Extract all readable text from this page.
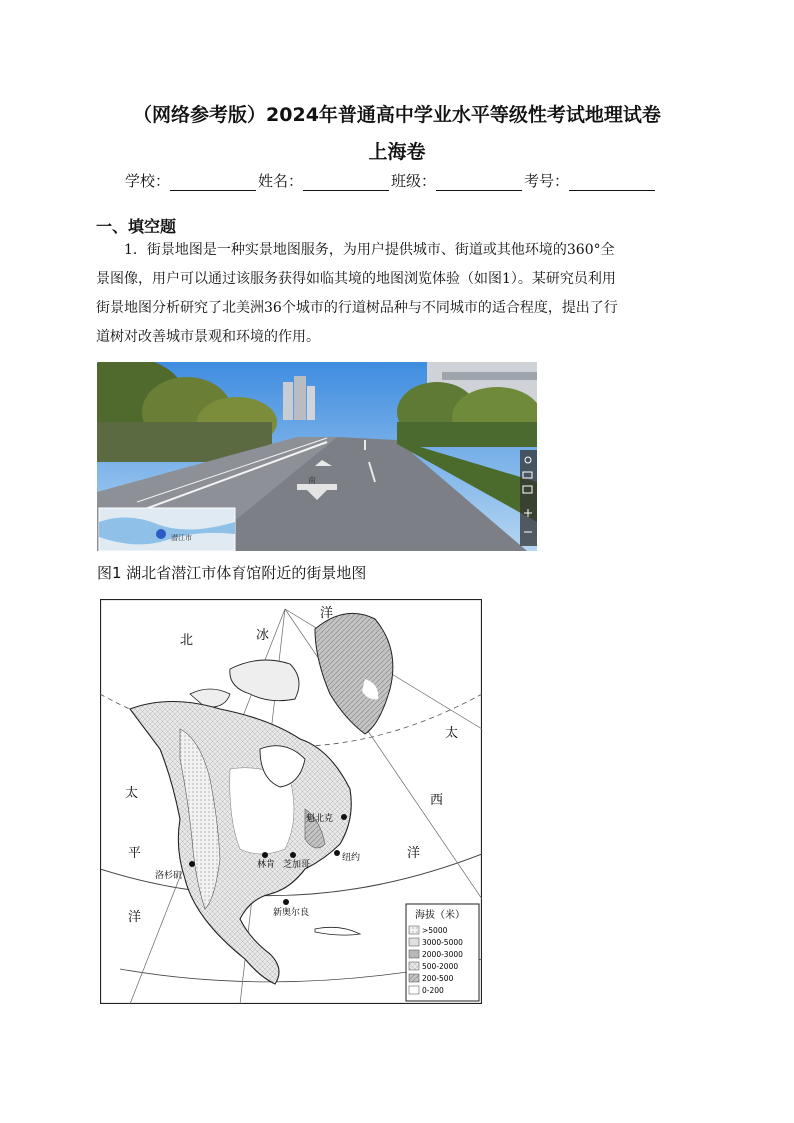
（网络参考版）2024年普通高中学业水平等级性考试地理试卷
上海卷
学校：	姓名：	班级：	考号：
一、填空题
　　1．街景地图是一种实景地图服务，为用户提供城市、街道或其他环境的360°全
景图像，用户可以通过该服务获得如临其境的地图浏览体验（如图1）。某研究员利用
街景地图分析研究了北美洲36个城市的行道树品种与不同城市的适合程度，提出了行
道树对改善城市景观和环境的作用。
南
潜江市
图1 湖北省潜江市体育馆附近的街景地图
北	冰
洋
太
西
洋
太
平
洋
魁北克
纽约
芝加哥
林肯
洛杉矶
新奥尔良	海拔（米）
>5000
3000-5000
2000-3000
500-2000
200-500
0-200
